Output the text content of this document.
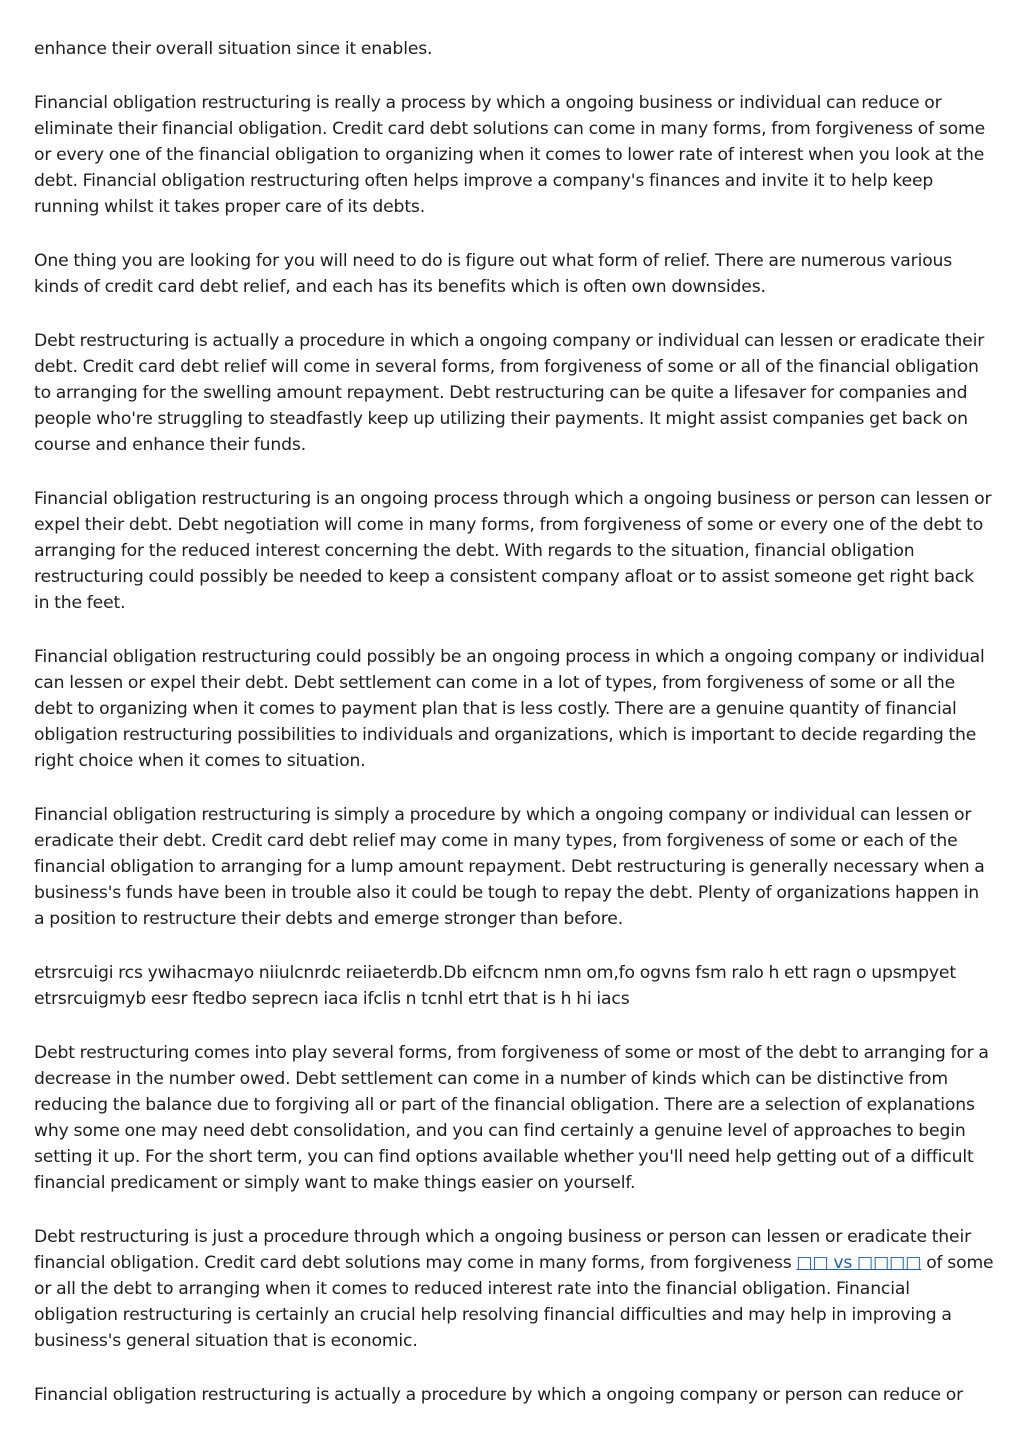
enhance their overall situation since it enables.

Financial obligation restructuring is really a process by which a ongoing business or individual can reduce or eliminate their financial obligation. Credit card debt solutions can come in many forms, from forgiveness of some or every one of the financial obligation to organizing when it comes to lower rate of interest when you look at the debt. Financial obligation restructuring often helps improve a company's finances and invite it to help keep running whilst it takes proper care of its debts.

One thing you are looking for you will need to do is figure out what form of relief. There are numerous various kinds of credit card debt relief, and each has its benefits which is often own downsides.

Debt restructuring is actually a procedure in which a ongoing company or individual can lessen or eradicate their debt. Credit card debt relief will come in several forms, from forgiveness of some or all of the financial obligation to arranging for the swelling amount repayment. Debt restructuring can be quite a lifesaver for companies and people who're struggling to steadfastly keep up utilizing their payments. It might assist companies get back on course and enhance their funds.

Financial obligation restructuring is an ongoing process through which a ongoing business or person can lessen or expel their debt. Debt negotiation will come in many forms, from forgiveness of some or every one of the debt to arranging for the reduced interest concerning the debt. With regards to the situation, financial obligation restructuring could possibly be needed to keep a consistent company afloat or to assist someone get right back in the feet.

Financial obligation restructuring could possibly be an ongoing process in which a ongoing company or individual can lessen or expel their debt. Debt settlement can come in a lot of types, from forgiveness of some or all the debt to organizing when it comes to payment plan that is less costly. There are a genuine quantity of financial obligation restructuring possibilities to individuals and organizations, which is important to decide regarding the right choice when it comes to situation.

Financial obligation restructuring is simply a procedure by which a ongoing company or individual can lessen or eradicate their debt. Credit card debt relief may come in many types, from forgiveness of some or each of the financial obligation to arranging for a lump amount repayment. Debt restructuring is generally necessary when a business's funds have been in trouble also it could be tough to repay the debt. Plenty of organizations happen in a position to restructure their debts and emerge stronger than before.

etrsrcuigi rcs ywihacmayo niiulcnrdc reiiaeterdb.Db eifcncm nmn om,fo ogvns fsm ralo h ett ragn o upsmpyet etrsrcuigmyb eesr ftedbo seprecn iaca ifclis n tcnhl etrt that is h hi iacs

Debt restructuring comes into play several forms, from forgiveness of some or most of the debt to arranging for a decrease in the number owed. Debt settlement can come in a number of kinds which can be distinctive from reducing the balance due to forgiving all or part of the financial obligation. There are a selection of explanations why some one may need debt consolidation, and you can find certainly a genuine level of approaches to begin setting it up. For the short term, you can find options available whether you'll need help getting out of a difficult financial predicament or simply want to make things easier on yourself.

Debt restructuring is just a procedure through which a ongoing business or person can lessen or eradicate their financial obligation. Credit card debt solutions may come in many forms, from forgiveness □□ vs □□□□ of some or all the debt to arranging when it comes to reduced interest rate into the financial obligation. Financial obligation restructuring is certainly an crucial help resolving financial difficulties and may help in improving a business's general situation that is economic.

Financial obligation restructuring is actually a procedure by which a ongoing company or person can reduce or
